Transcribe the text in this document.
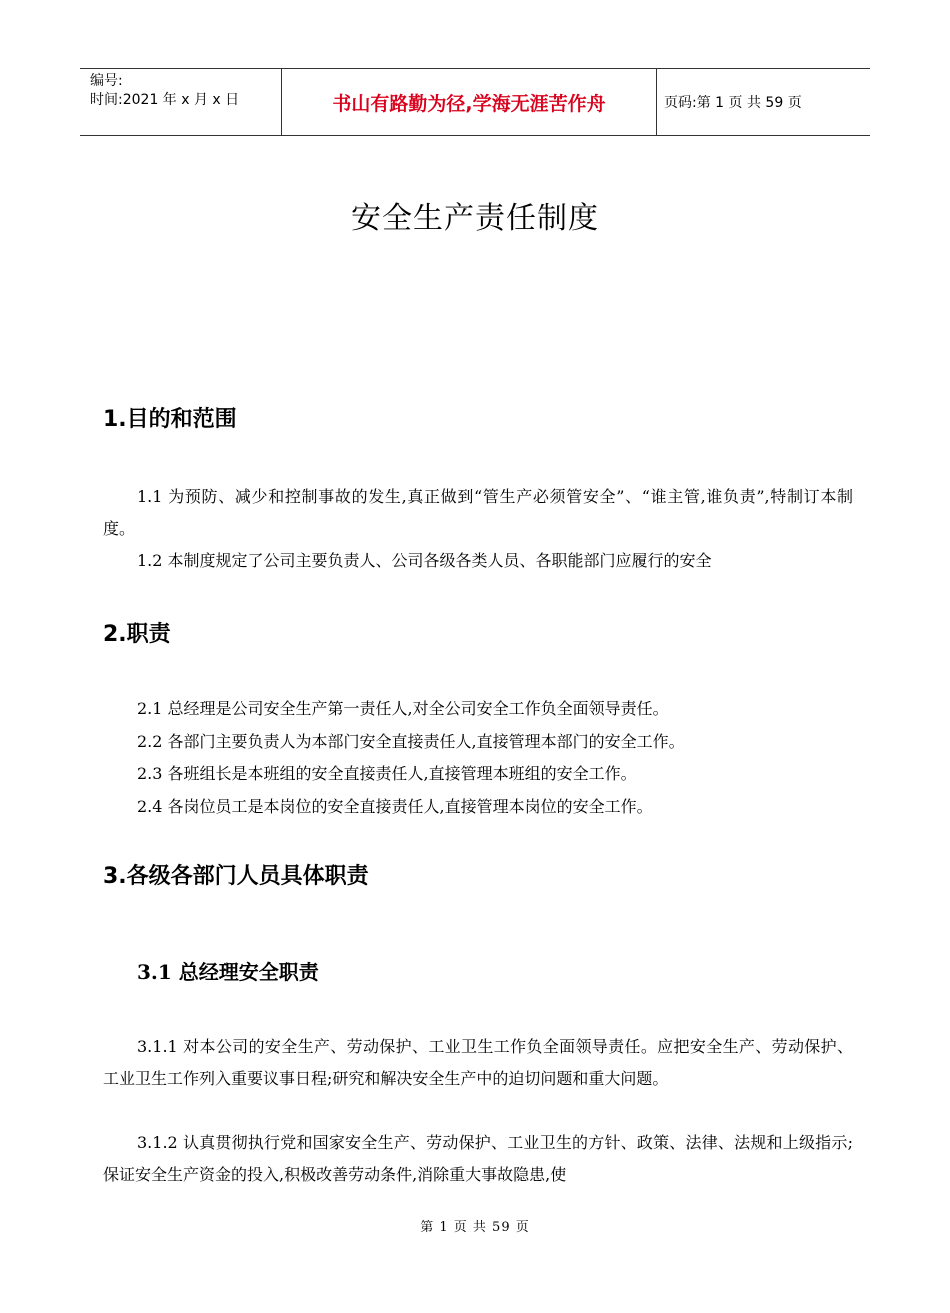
编号:
时间:2021 年 x 月 x 日	书山有路勤为径,学海无涯苦作舟	页码:第 1 页 共 59 页
安全生产责任制度
1.目的和范围
1.1 为预防、减少和控制事故的发生,真正做到“管生产必须管安全”、“谁主管,谁负责”,特制订本制度。
1.2 本制度规定了公司主要负责人、公司各级各类人员、各职能部门应履行的安全
2.职责
2.1 总经理是公司安全生产第一责任人,对全公司安全工作负全面领导责任。
2.2 各部门主要负责人为本部门安全直接责任人,直接管理本部门的安全工作。
2.3 各班组长是本班组的安全直接责任人,直接管理本班组的安全工作。
2.4 各岗位员工是本岗位的安全直接责任人,直接管理本岗位的安全工作。
3.各级各部门人员具体职责
3.1 总经理安全职责
3.1.1 对本公司的安全生产、劳动保护、工业卫生工作负全面领导责任。应把安全生产、劳动保护、工业卫生工作列入重要议事日程;研究和解决安全生产中的迫切问题和重大问题。
3.1.2 认真贯彻执行党和国家安全生产、劳动保护、工业卫生的方针、政策、法律、法规和上级指示;保证安全生产资金的投入,积极改善劳动条件,消除重大事故隐患,使
第 1 页 共 59 页
